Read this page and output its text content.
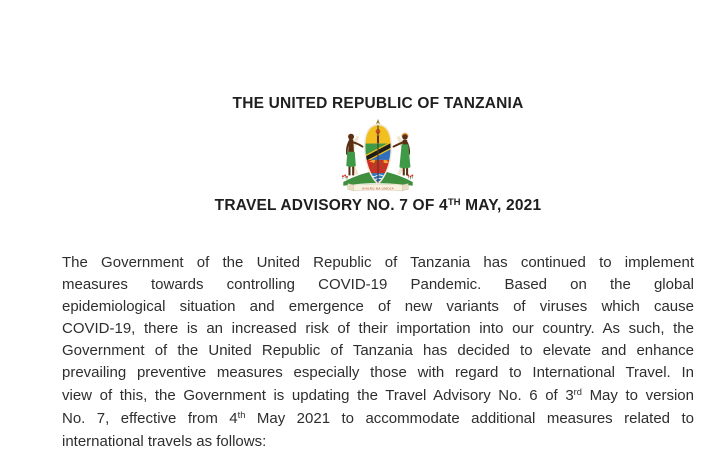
THE UNITED REPUBLIC OF TANZANIA
UHURU NA UMOJA
TRAVEL ADVISORY NO. 7 OF 4TH MAY, 2021
The Government of the United Republic of Tanzania has continued to implement
measures towards controlling COVID-19 Pandemic. Based on the global
epidemiological situation and emergence of new variants of viruses which cause
COVID-19, there is an increased risk of their importation into our country. As such, the
Government of the United Republic of Tanzania has decided to elevate and enhance
prevailing preventive measures especially those with regard to International Travel. In
view of this, the Government is updating the Travel Advisory No. 6 of 3rd May to version
No. 7, effective from 4th May 2021 to accommodate additional measures related to
international travels as follows:
